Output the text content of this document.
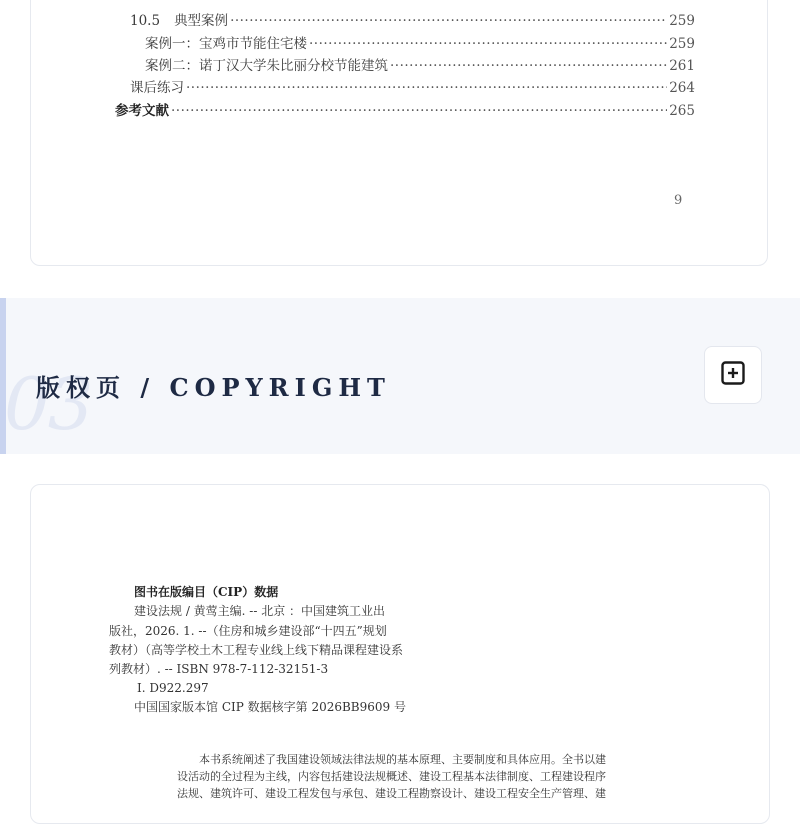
10.5 典型案例 ·····	259
案例一：宝鸡市节能住宅楼 ·····	259
案例二：诺丁汉大学朱比丽分校节能建筑 ·····	261
课后练习 ·····	264
参考文献 ·····	265
9
03
版权页 / COPYRIGHT
图书在版编目（CIP）数据
建设法规 / 黄莺主编. -- 北京 ：中国建筑工业出
版社，2026. 1. --（住房和城乡建设部“十四五”规划
教材）（高等学校土木工程专业线上线下精品课程建设系
列教材）. -- ISBN 978-7-112-32151-3
Ⅰ. D922.297
中国国家版本馆 CIP 数据核字第 2026BB9609 号
本书系统阐述了我国建设领域法律法规的基本原理、主要制度和具体应用。全书以建
设活动的全过程为主线，内容包括建设法规概述、建设工程基本法律制度、工程建设程序
法规、建筑许可、建设工程发包与承包、建设工程勘察设计、建设工程安全生产管理、建
